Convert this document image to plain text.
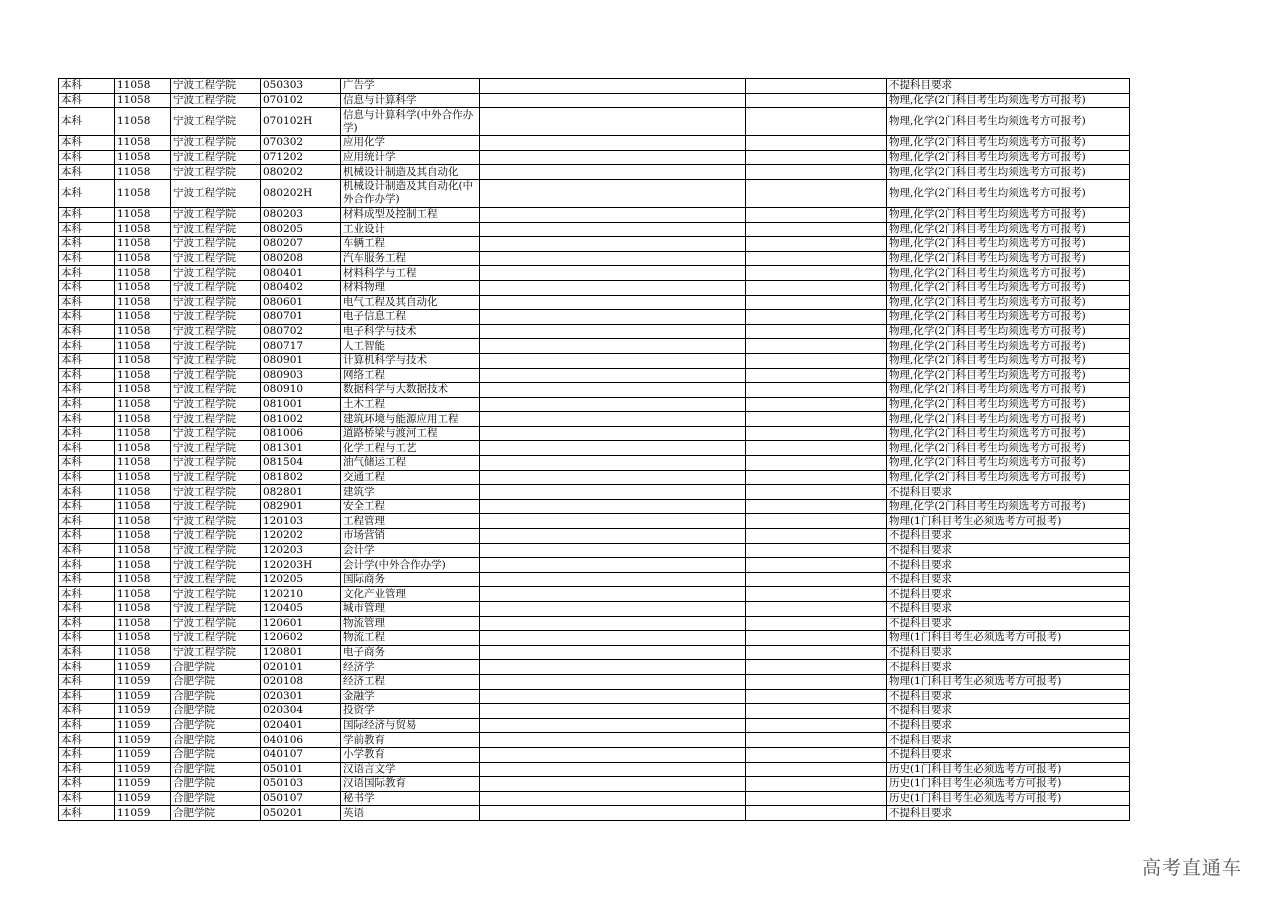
本科	11058	宁波工程学院	050303	广告学			不提科目要求
本科	11058	宁波工程学院	070102	信息与计算科学			物理,化学(2门科目考生均须选考方可报考)
本科	11058	宁波工程学院	070102H	信息与计算科学(中外合作办学)			物理,化学(2门科目考生均须选考方可报考)
本科	11058	宁波工程学院	070302	应用化学			物理,化学(2门科目考生均须选考方可报考)
本科	11058	宁波工程学院	071202	应用统计学			物理,化学(2门科目考生均须选考方可报考)
本科	11058	宁波工程学院	080202	机械设计制造及其自动化			物理,化学(2门科目考生均须选考方可报考)
本科	11058	宁波工程学院	080202H	机械设计制造及其自动化(中外合作办学)			物理,化学(2门科目考生均须选考方可报考)
本科	11058	宁波工程学院	080203	材料成型及控制工程			物理,化学(2门科目考生均须选考方可报考)
本科	11058	宁波工程学院	080205	工业设计			物理,化学(2门科目考生均须选考方可报考)
本科	11058	宁波工程学院	080207	车辆工程			物理,化学(2门科目考生均须选考方可报考)
本科	11058	宁波工程学院	080208	汽车服务工程			物理,化学(2门科目考生均须选考方可报考)
本科	11058	宁波工程学院	080401	材料科学与工程			物理,化学(2门科目考生均须选考方可报考)
本科	11058	宁波工程学院	080402	材料物理			物理,化学(2门科目考生均须选考方可报考)
本科	11058	宁波工程学院	080601	电气工程及其自动化			物理,化学(2门科目考生均须选考方可报考)
本科	11058	宁波工程学院	080701	电子信息工程			物理,化学(2门科目考生均须选考方可报考)
本科	11058	宁波工程学院	080702	电子科学与技术			物理,化学(2门科目考生均须选考方可报考)
本科	11058	宁波工程学院	080717	人工智能			物理,化学(2门科目考生均须选考方可报考)
本科	11058	宁波工程学院	080901	计算机科学与技术			物理,化学(2门科目考生均须选考方可报考)
本科	11058	宁波工程学院	080903	网络工程			物理,化学(2门科目考生均须选考方可报考)
本科	11058	宁波工程学院	080910	数据科学与大数据技术			物理,化学(2门科目考生均须选考方可报考)
本科	11058	宁波工程学院	081001	土木工程			物理,化学(2门科目考生均须选考方可报考)
本科	11058	宁波工程学院	081002	建筑环境与能源应用工程			物理,化学(2门科目考生均须选考方可报考)
本科	11058	宁波工程学院	081006	道路桥梁与渡河工程			物理,化学(2门科目考生均须选考方可报考)
本科	11058	宁波工程学院	081301	化学工程与工艺			物理,化学(2门科目考生均须选考方可报考)
本科	11058	宁波工程学院	081504	油气储运工程			物理,化学(2门科目考生均须选考方可报考)
本科	11058	宁波工程学院	081802	交通工程			物理,化学(2门科目考生均须选考方可报考)
本科	11058	宁波工程学院	082801	建筑学			不提科目要求
本科	11058	宁波工程学院	082901	安全工程			物理,化学(2门科目考生均须选考方可报考)
本科	11058	宁波工程学院	120103	工程管理			物理(1门科目考生必须选考方可报考)
本科	11058	宁波工程学院	120202	市场营销			不提科目要求
本科	11058	宁波工程学院	120203	会计学			不提科目要求
本科	11058	宁波工程学院	120203H	会计学(中外合作办学)			不提科目要求
本科	11058	宁波工程学院	120205	国际商务			不提科目要求
本科	11058	宁波工程学院	120210	文化产业管理			不提科目要求
本科	11058	宁波工程学院	120405	城市管理			不提科目要求
本科	11058	宁波工程学院	120601	物流管理			不提科目要求
本科	11058	宁波工程学院	120602	物流工程			物理(1门科目考生必须选考方可报考)
本科	11058	宁波工程学院	120801	电子商务			不提科目要求
本科	11059	合肥学院	020101	经济学			不提科目要求
本科	11059	合肥学院	020108	经济工程			物理(1门科目考生必须选考方可报考)
本科	11059	合肥学院	020301	金融学			不提科目要求
本科	11059	合肥学院	020304	投资学			不提科目要求
本科	11059	合肥学院	020401	国际经济与贸易			不提科目要求
本科	11059	合肥学院	040106	学前教育			不提科目要求
本科	11059	合肥学院	040107	小学教育			不提科目要求
本科	11059	合肥学院	050101	汉语言文学			历史(1门科目考生必须选考方可报考)
本科	11059	合肥学院	050103	汉语国际教育			历史(1门科目考生必须选考方可报考)
本科	11059	合肥学院	050107	秘书学			历史(1门科目考生必须选考方可报考)
本科	11059	合肥学院	050201	英语			不提科目要求
高考直通车
